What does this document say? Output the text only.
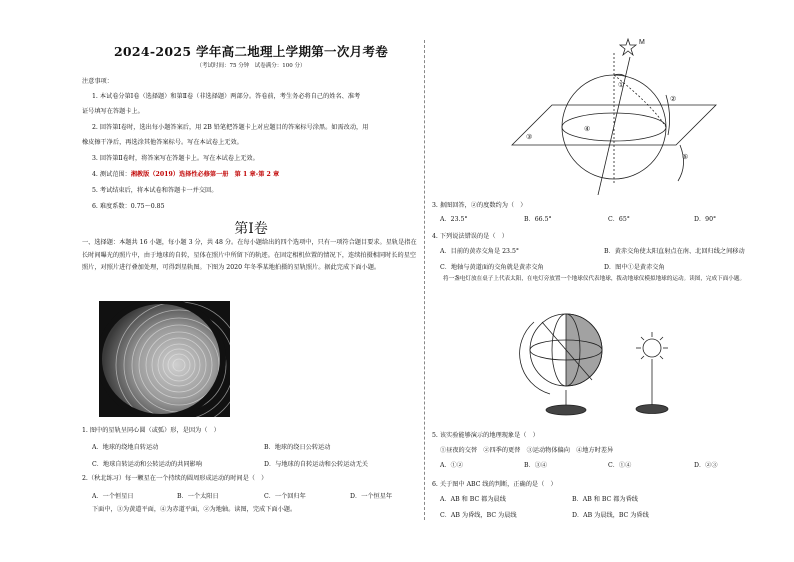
2024-2025 学年高二地理上学期第一次月考卷
（考试时间：75 分钟　试卷满分：100 分）
注意事项：
1. 本试卷分第Ⅰ卷（选择题）和第Ⅱ卷（非选择题）两部分。答卷前，考生务必将自己的姓名、准考
证号填写在答题卡上。
2. 回答第Ⅰ卷时，选出每小题答案后，用 2B 铅笔把答题卡上对应题目的答案标号涂黑。如需改动，用
橡皮擦干净后，再选涂其他答案标号。写在本试卷上无效。
3. 回答第Ⅱ卷时，将答案写在答题卡上。写在本试卷上无效。
4. 测试范围：湘教版（2019）选择性必修第一册　第 1 章-第 2 章
5. 考试结束后，将本试卷和答题卡一并交回。
6. 难度系数：0.75～0.85
第Ⅰ卷
一、选择题：本题共 16 小题，每小题 3 分，共 48 分。在每小题给出的四个选项中，只有一项符合题目要求。星轨是指在长时间曝光的照片中，由于地球的自转，星体在照片中所留下的轨迹。在固定相机位置的情况下，连续拍摄相同时长的星空照片，对照片进行叠加处理，可得到星轨图。下图为 2020 年冬季某地拍摄的星轨照片。据此完成下面小题。
1. 图中的星轨呈同心圆（或弧）形，是因为（　）
A．地球的绕地自转运动	B．地球的绕日公转运动
C．地球自转运动和公转运动的共同影响	D．与地球的自转运动和公转运动无关
2.（秋北练习）每一颗星在一个持续的圆周形成运动的时间是（　）
A．一个恒星日	B．一个太阳日	C．一个回归年	D．一个恒星年
下面中，③为黄道平面，④为赤道平面，②为地轴。读图，完成下面小题。
M
①
②
③
④
⑤
3. 据图回答，②的度数约为（　）
A．23.5°	B．66.5°	C．65°	D．90°
4. 下列说法错误的是（　）
A．目前的黄赤交角是 23.5°	B．黄赤交角使太阳直射点在南、北回归线之间移动
C．地轴与黄道面的交角就是黄赤交角	D．图中①是黄赤交角
将一盏电灯放在桌子上代表太阳，在电灯旁放置一个地球仪代表地球，拨动地球仪模拟地球的运动。读图，完成下面小题。
5. 该实验能够演示的地理现象是（　）
①昼夜的交替　②四季的更替　③运动物体偏向　④地方时差异
A．①②	B．③④	C．①④	D．②③
6. 关于图中 ABC 线的判断，正确的是（　）
A．AB 和 BC 都为晨线	B．AB 和 BC 都为昏线
C．AB 为昏线，BC 为晨线	D．AB 为晨线，BC 为昏线
